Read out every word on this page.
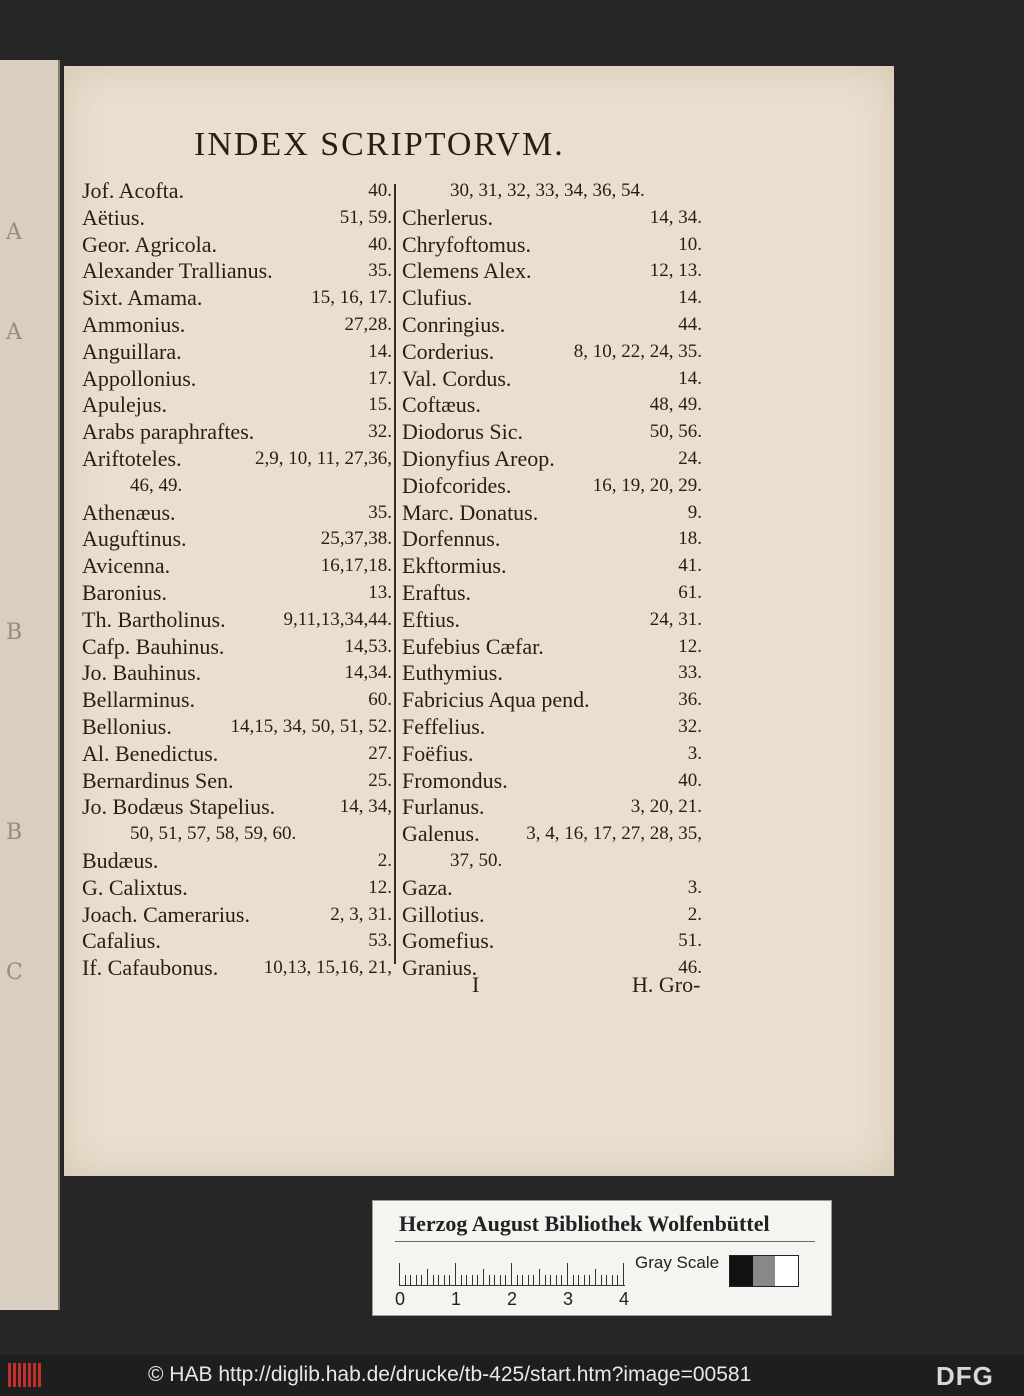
A
A
B
B
C
INDEX SCRIPTORVM.
Jof. Acofta.	40.
Aëtius.	51, 59.
Geor. Agricola.	40.
Alexander Trallianus.	35.
Sixt. Amama.	15, 16, 17.
Ammonius.	27,28.
Anguillara.	14.
Appollonius.	17.
Apulejus.	15.
Arabs paraphraftes.	32.
Ariftoteles.	2,9, 10, 11, 27,36,
46, 49.
Athenæus.	35.
Auguftinus.	25,37,38.
Avicenna.	16,17,18.
Baronius.	13.
Th. Bartholinus.	9,11,13,34,44.
Cafp. Bauhinus.	14,53.
Jo. Bauhinus.	14,34.
Bellarminus.	60.
Bellonius.	14,15, 34, 50, 51, 52.
Al. Benedictus.	27.
Bernardinus Sen.	25.
Jo. Bodæus Stapelius.	14, 34,
50, 51, 57, 58, 59, 60.
Budæus.	2.
G. Calixtus.	12.
Joach. Camerarius.	2, 3, 31.
Cafalius.	53.
If. Cafaubonus. 10,13, 15,16, 21,
30, 31, 32, 33, 34, 36, 54.
Cherlerus.	14, 34.
Chryfoftomus.	10.
Clemens Alex.	12, 13.
Clufius.	14.
Conringius.	44.
Corderius.	8, 10, 22, 24, 35.
Val. Cordus.	14.
Coftæus.	48, 49.
Diodorus Sic.	50, 56.
Dionyfius Areop.	24.
Diofcorides.	16, 19, 20, 29.
Marc. Donatus.	9.
Dorfennus.	18.
Ekftormius.	41.
Eraftus.	61.
Eftius.	24, 31.
Eufebius Cæfar.	12.
Euthymius.	33.
Fabricius Aqua pend.	36.
Feffelius.	32.
Foëfius.	3.
Fromondus.	40.
Furlanus.	3, 20, 21.
Galenus. 3, 4, 16, 17, 27, 28, 35,
37, 50.
Gaza.	3.
Gillotius.	2.
Gomefius.	51.
Granius.	46.
I	H. Gro-
Herzog August Bibliothek Wolfenbüttel
0	1	2	3	4
Gray Scale
© HAB http://diglib.hab.de/drucke/tb-425/start.htm?image=00581	DFG
